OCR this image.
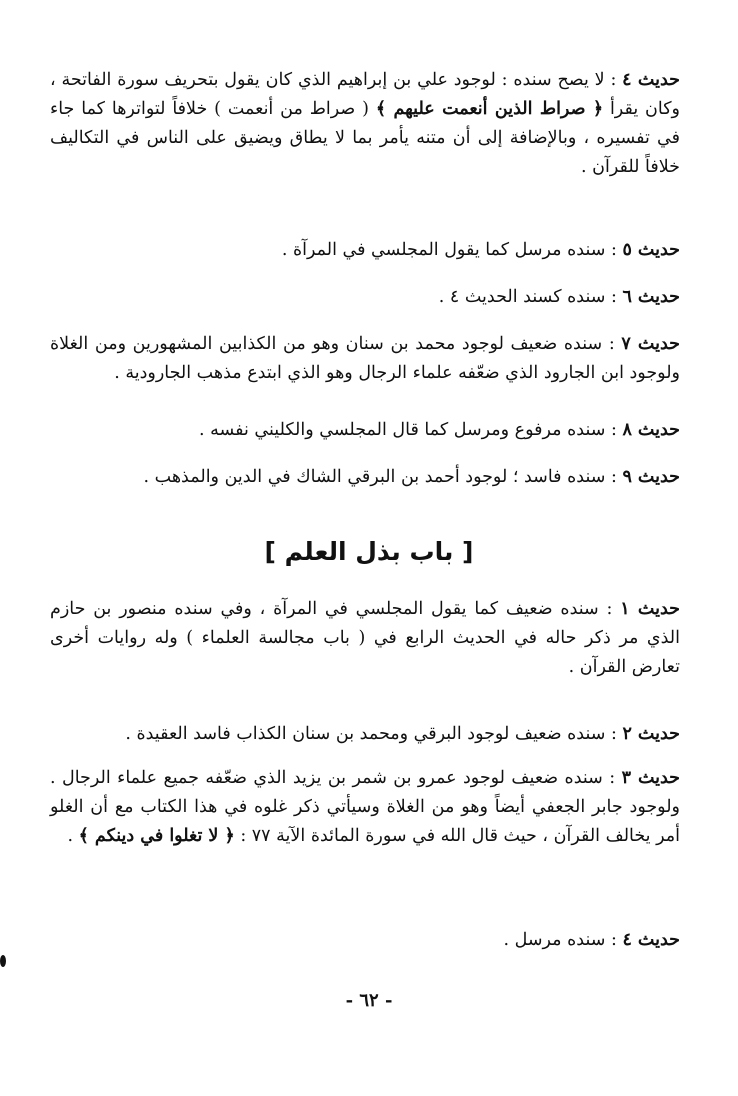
حديث ٤ : لا يصح سنده : لوجود علي بن إبراهيم الذي كان يقول بتحريف سورة الفاتحة ، وكان يقرأ ﴿ صراط الذين أنعمت عليهم ﴾ ( صراط من أنعمت ) خلافاً لتواترها كما جاء في تفسيره ، وبالإضافة إلى أن متنه يأمر بما لا يطاق ويضيق على الناس في التكاليف خلافاً للقرآن .

حديث ٥ : سنده مرسل كما يقول المجلسي في المرآة .

حديث ٦ : سنده كسند الحديث ٤ .

حديث ٧ : سنده ضعيف لوجود محمد بن سنان وهو من الكذابين المشهورين ومن الغلاة ولوجود ابن الجارود الذي ضعّفه علماء الرجال وهو الذي ابتدع مذهب الجارودية .

حديث ٨ : سنده مرفوع ومرسل كما قال المجلسي والكليني نفسه .

حديث ٩ : سنده فاسد ؛ لوجود أحمد بن البرقي الشاك في الدين والمذهب .

[ باب بذل العلم ]

حديث ١ : سنده ضعيف كما يقول المجلسي في المرآة ، وفي سنده منصور بن حازم الذي مر ذكر حاله في الحديث الرابع في ( باب مجالسة العلماء ) وله روايات أخرى تعارض القرآن .

حديث ٢ : سنده ضعيف لوجود البرقي ومحمد بن سنان الكذاب فاسد العقيدة .

حديث ٣ : سنده ضعيف لوجود عمرو بن شمر بن يزيد الذي ضعّفه جميع علماء الرجال . ولوجود جابر الجعفي أيضاً وهو من الغلاة وسيأتي ذكر غلوه في هذا الكتاب مع أن الغلو أمر يخالف القرآن ، حيث قال الله في سورة المائدة الآية ٧٧ : ﴿ لا تغلوا في دينكم ﴾ .

حديث ٤ : سنده مرسل .

- ٦٢ -
